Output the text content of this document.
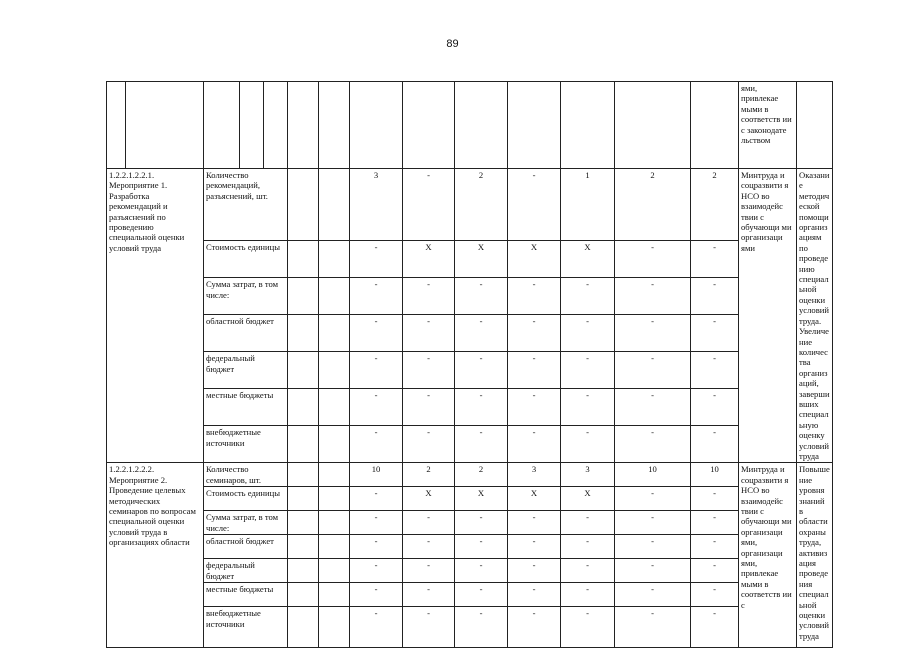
89
														ями, привлекае мыми в соответств ии с законодате льством	
1.2.2.1.2.2.1. Мероприятие 1. Разработка рекомендаций и разъяснений по проведению специальной оценки условий труда		Количество рекомендаций, разъяснений, шт.					3	-	2	-	1	2	2	Минтруда и соцразвити я НСО во взаимодейс твии с обучающи ми организаци ями	Оказание методической помощи организациям по проведению специальной оценки условий труда. Увеличение количества организаций, завершивших специальную оценку условий труда
		Стоимость единицы					-	X	X	X	X	-	-		
		Сумма затрат, в том числе:					-	-	-	-	-	-	-		
		областной бюджет					-	-	-	-	-	-	-		
		федеральный бюджет					-	-	-	-	-	-	-		
		местные бюджеты					-	-	-	-	-	-	-		
		внебюджетные источники					-	-	-	-	-	-	-		
1.2.2.1.2.2.2. Мероприятие 2. Проведение целевых методических семинаров по вопросам специальной оценки условий труда в организациях области		Количество семинаров, шт.					10	2	2	3	3	10	10	Минтруда и соцразвити я НСО во взаимодейс твии с обучающи ми организаци ями, организаци ями, привлекае мыми в соответств ии с	Повышение уровня знаний в области охраны труда, активизация проведения специальной оценки условий труда
		Стоимость единицы					-	X	X	X	X	-	-		
		Сумма затрат, в том числе:					-	-	-	-	-	-	-		
		областной бюджет					-	-	-	-	-	-	-		
		федеральный бюджет					-	-	-	-	-	-	-		
		местные бюджеты					-	-	-	-	-	-	-		
		внебюджетные источники					-	-	-	-	-	-	-		
